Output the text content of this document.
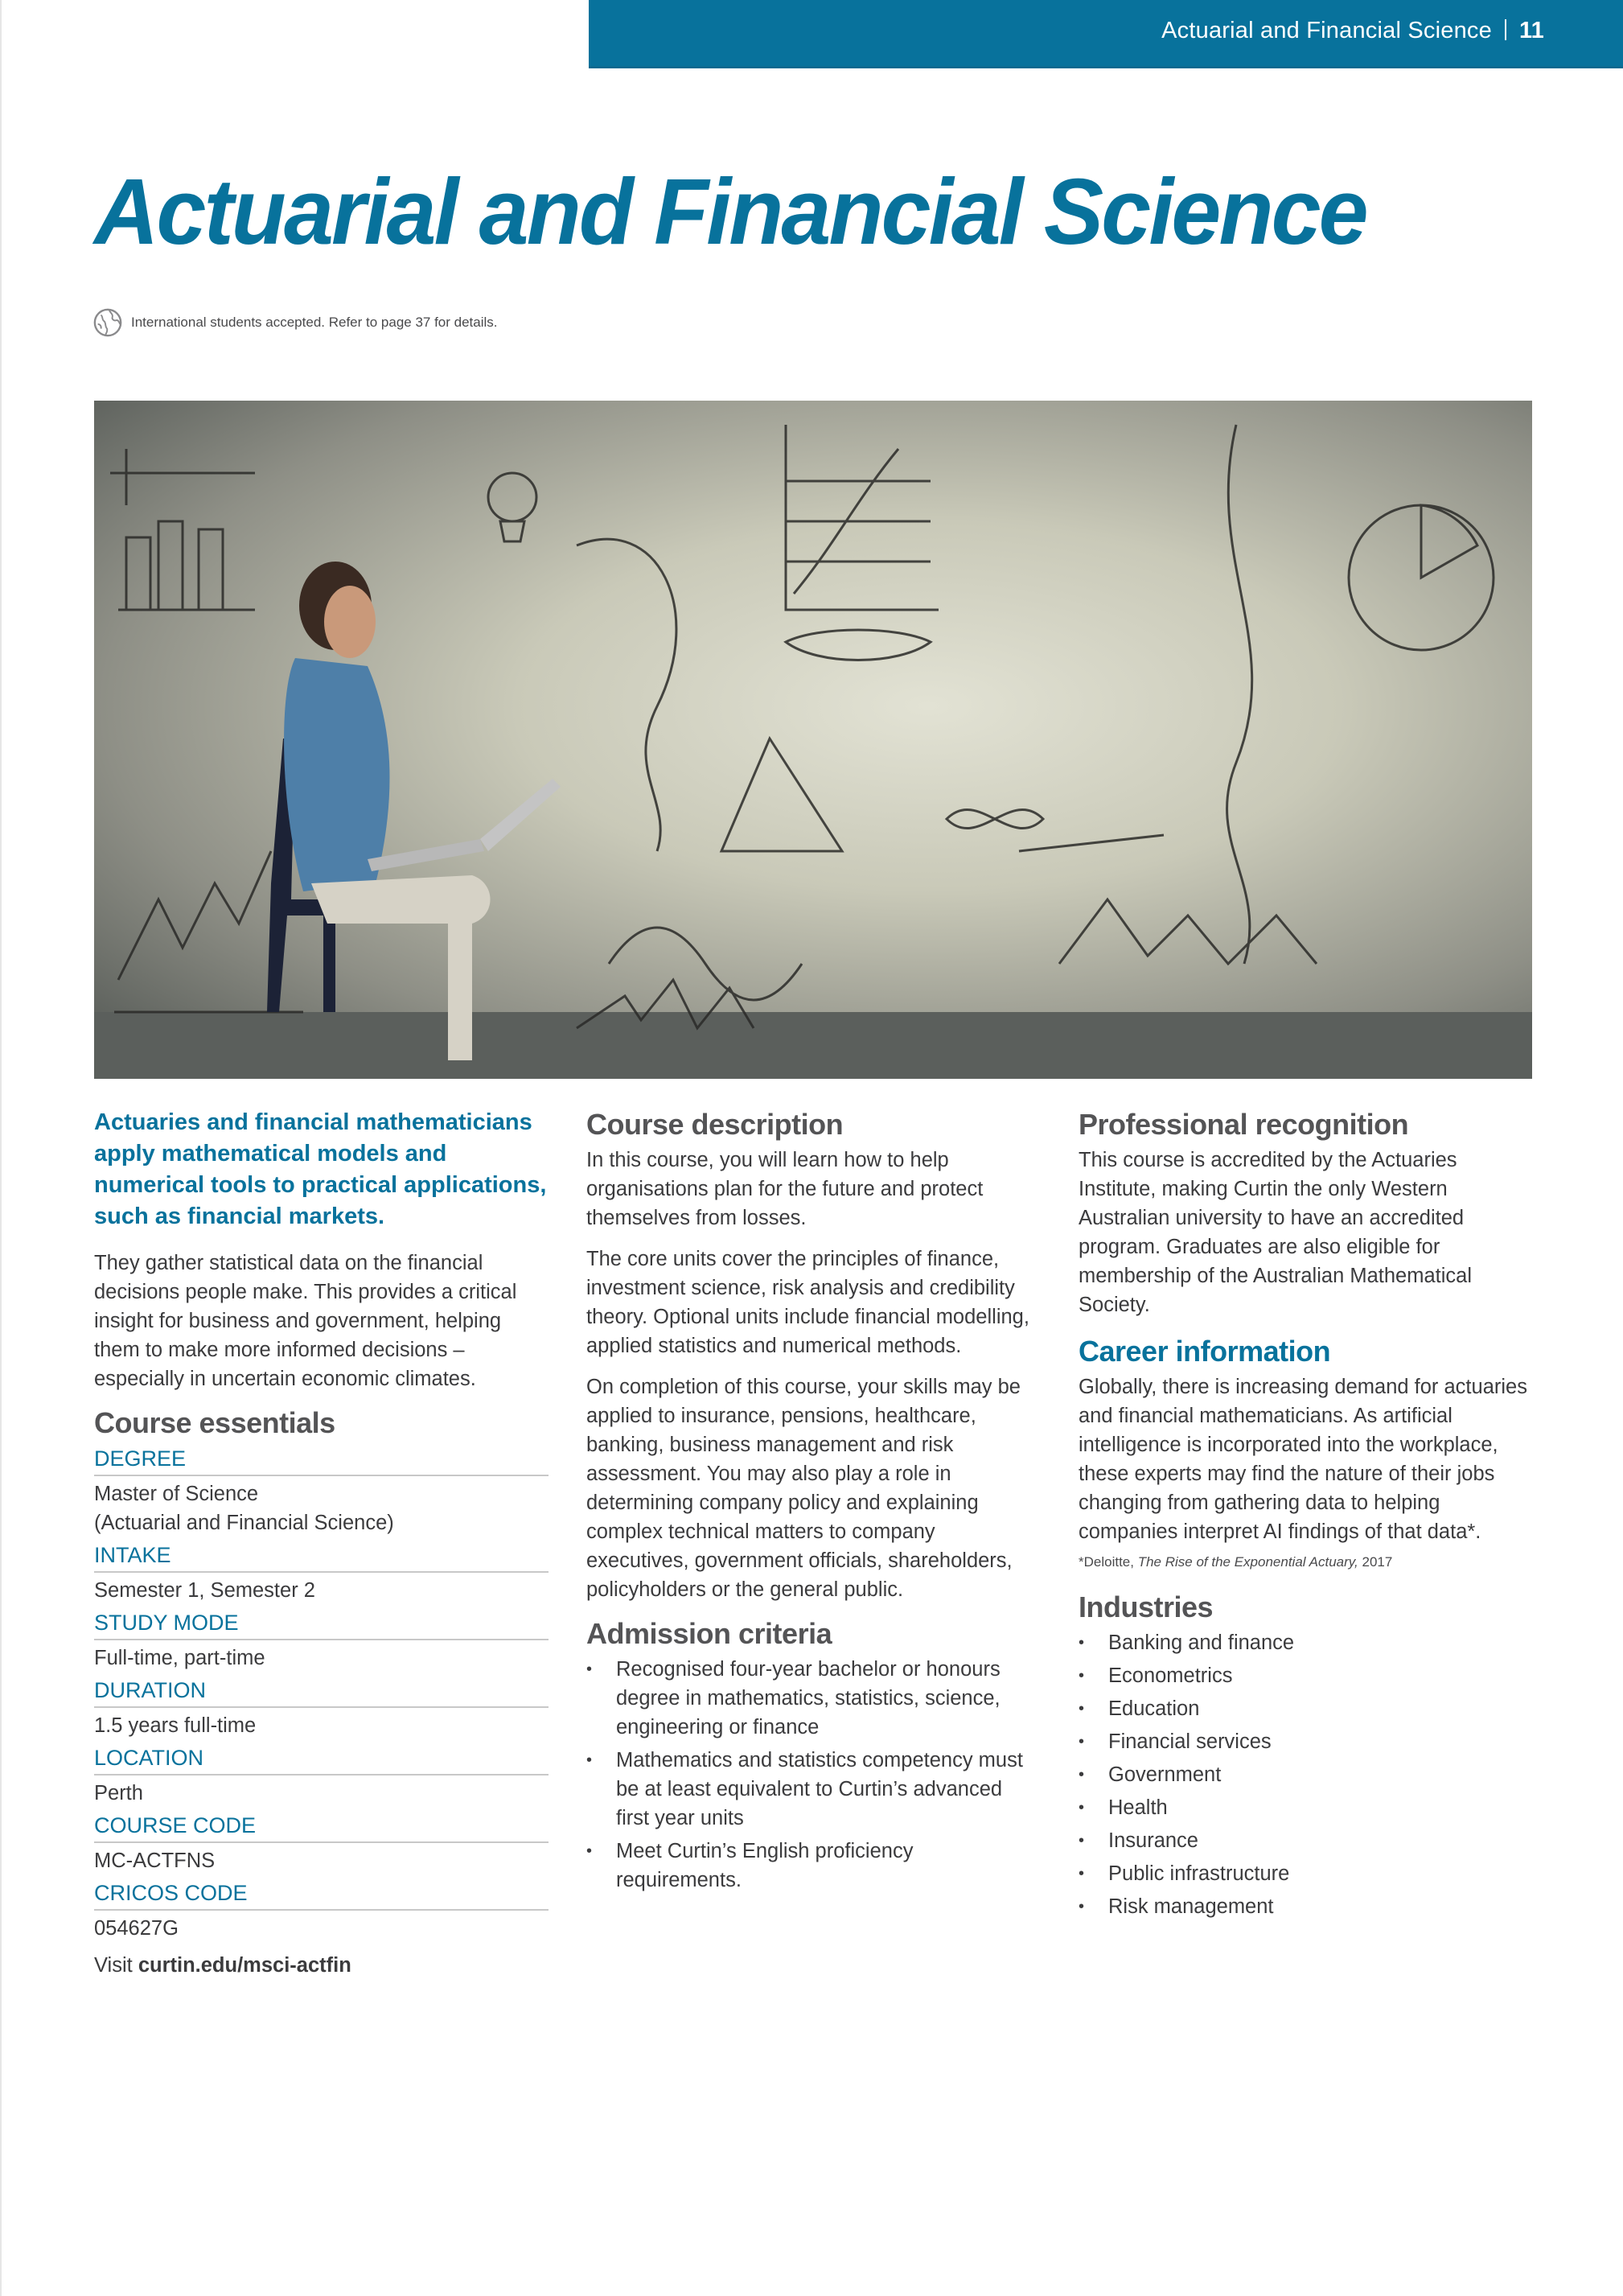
Actuarial and Financial Science 11
Actuarial and Financial Science
International students accepted. Refer to page 37 for details.

Actuaries and financial mathematicians apply mathematical models and numerical tools to practical applications, such as financial markets.

They gather statistical data on the financial decisions people make. This provides a critical insight for business and government, helping them to make more informed decisions – especially in uncertain economic climates.

Course essentials
DEGREE
Master of Science
(Actuarial and Financial Science)
INTAKE
Semester 1, Semester 2
STUDY MODE
Full-time, part-time
DURATION
1.5 years full-time
LOCATION
Perth
COURSE CODE
MC-ACTFNS
CRICOS CODE
054627G
Visit curtin.edu/msci-actfin
Course description

In this course, you will learn how to help organisations plan for the future and protect themselves from losses.

The core units cover the principles of finance, investment science, risk analysis and credibility theory. Optional units include financial modelling, applied statistics and numerical methods.

On completion of this course, your skills may be applied to insurance, pensions, healthcare, banking, business management and risk assessment. You may also play a role in determining company policy and explaining complex technical matters to company executives, government officials, shareholders, policyholders or the general public.

Admission criteria
• Recognised four-year bachelor or honours degree in mathematics, statistics, science, engineering or finance
• Mathematics and statistics competency must be at least equivalent to Curtin’s advanced first year units
• Meet Curtin’s English proficiency requirements.
Professional recognition

This course is accredited by the Actuaries Institute, making Curtin the only Western Australian university to have an accredited program. Graduates are also eligible for membership of the Australian Mathematical Society.

Career information

Globally, there is increasing demand for actuaries and financial mathematicians. As artificial intelligence is incorporated into the workplace, these experts may find the nature of their jobs changing from gathering data to helping companies interpret AI findings of that data*.

*Deloitte, The Rise of the Exponential Actuary, 2017
Industries
• Banking and finance
• Econometrics
• Education
• Financial services
• Government
• Health
• Insurance
• Public infrastructure
• Risk management
